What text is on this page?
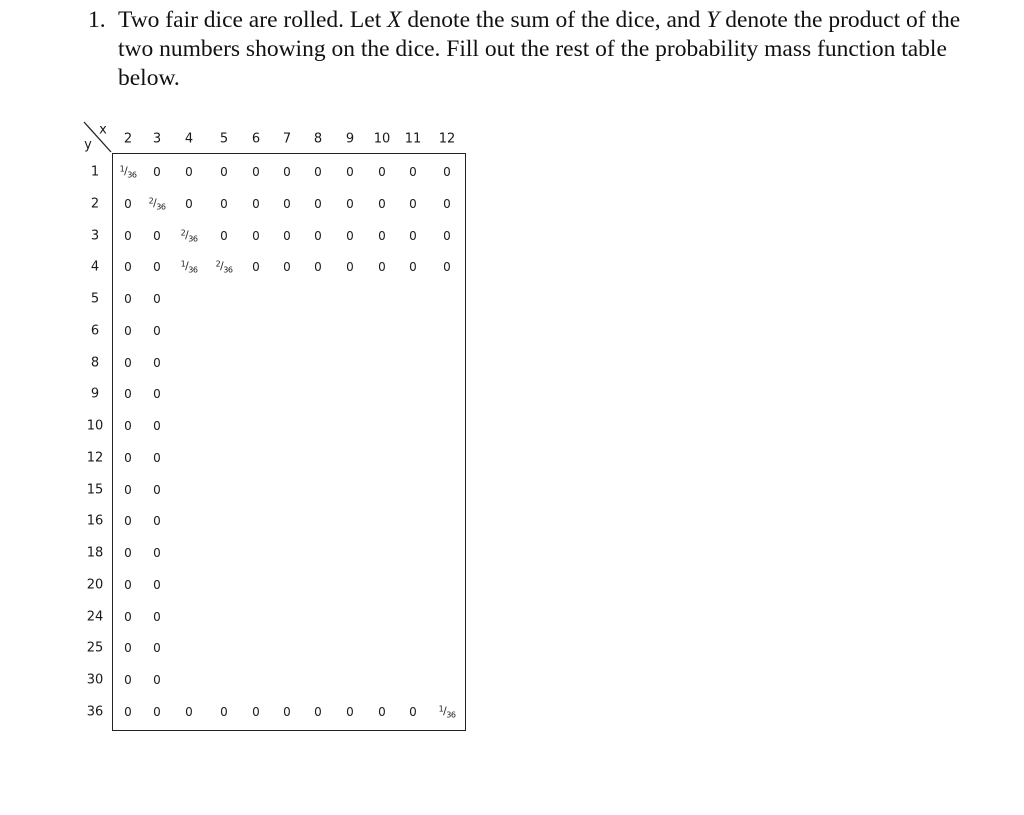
1. Two fair dice are rolled. Let X denote the sum of the dice, and Y denote the product of the two numbers showing on the dice. Fill out the rest of the probability mass function table below.
x
y 2 3 4 5 6 7 8 9 10 11 12
1	$^1/_{36}$ 0 0 0 0 0 0 0 0 0 0
2 0 $^2/_{36}$ 0 0 0 0 0 0 0 0 0
3 0 0 $^2/_{36}$ 0 0 0 0 0 0 0 0
4 0 0 $^1/_{36}$
$^2/_{36}$ 0 0 0 0 0 0 0
5 0 0
6 0 0
8 0 0
9 0 0
10 0 0
12 0 0
15 0 0
16 0 0
18 0 0
20 0 0
24 0 0
25 0 0
30 0 0
36 0 0 0 0 0 0 0 0 0 0	$^1/_{36}$
